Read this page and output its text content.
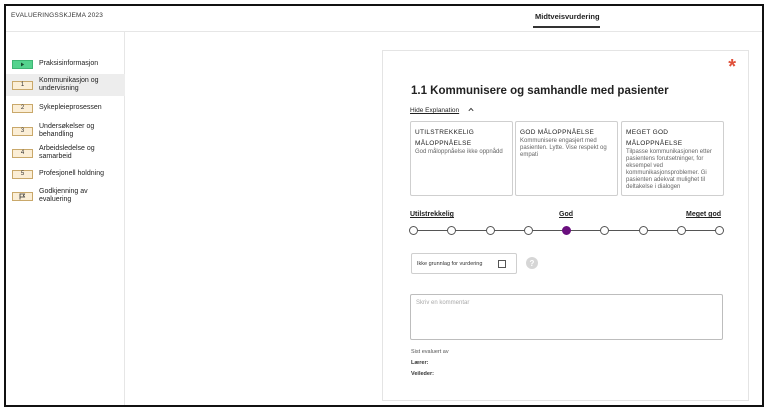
EVALUERINGSSKJEMA 2023	Midtveisvurdering
Praksisinformasjon
1
Kommunikasjon og undervisning
2	Sykepleieprosessen
3
Undersøkelser og behandling
4
Arbeidsledelse og samarbeid
5	Profesjonell holdning
Godkjenning av evaluering
*
1.1 Kommunisere og samhandle med pasienter
Hide Explanation
UTILSTREKKELIG MÅLOPPNÅELSE
God måloppnåelse ikke oppnådd
GOD MÅLOPPNÅELSE
Kommunisere engasjert med pasienten. Lytte. Vise respekt og empati
MEGET GOD MÅLOPPNÅELSE
Tilpasse kommunikasjonen etter pasientens forutsetninger, for eksempel ved kommunikasjonsproblemer. Gi pasienten adekvat mulighet til deltakelse i dialogen
Utilstrekkelig	God	Meget god
Ikke grunnlag for vurdering	?
Skriv en kommentar
Sist evaluert av
Lærer:
Veileder:
